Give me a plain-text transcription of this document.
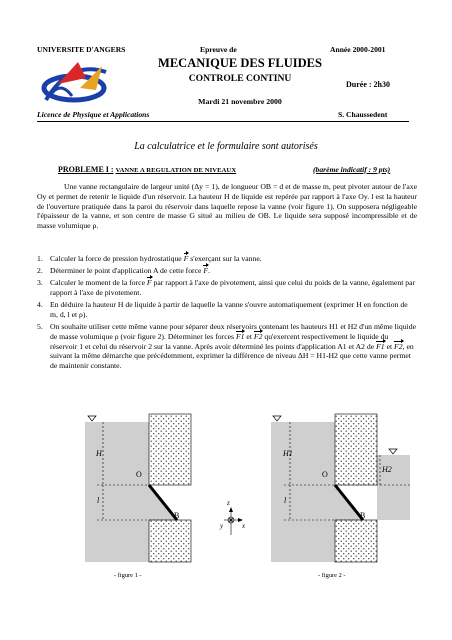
UNIVERSITE D'ANGERS	Epreuve de	Année 2000-2001
MECANIQUE DES FLUIDES
CONTROLE CONTINU
Durée : 2h30
Mardi 21 novembre 2000
Licence de Physique et Applications	S. Chaussedent
La calculatrice et le formulaire sont autorisés
PROBLEME I : VANNE A REGULATION DE NIVEAUX	(barème indicatif : 9 pts)

Une vanne rectangulaire de largeur unité (Δy = 1), de longueur OB = d et de masse m, peut pivoter autour de l'axe Oy et permet de retenir le liquide d'un réservoir. La hauteur H de liquide est repérée par rapport à l'axe Oy. l est la hauteur de l'ouverture pratiquée dans la paroi du réservoir dans laquelle repose la vanne (voir figure 1). On supposera négligeable l'épaisseur de la vanne, et son centre de masse G situé au milieu de OB. Le liquide sera supposé incompressible et de masse volumique ρ.

1. Calculer la force de pression hydrostatique F s'exerçant sur la vanne.
2. Déterminer le point d'application A de cette force F.
3. Calculer le moment de la force F par rapport à l'axe de pivotement, ainsi que celui du poids de la vanne, également par rapport à l'axe de pivotement.
4. En déduire la hauteur H de liquide à partir de laquelle la vanne s'ouvre automatiquement (exprimer H en fonction de m, d, l et ρ).
5. On souhaite utiliser cette même vanne pour séparer deux réservoirs contenant les hauteurs H1 et H2 d'un même liquide de masse volumique ρ (voir figure 2). Déterminer les forces F1 et F2 qu'exercent respectivement le liquide du réservoir 1 et celui du réservoir 2 sur la vanne. Après avoir déterminé les points d'application A1 et A2 de F1 et F2, en suivant la même démarche que précédemment, exprimer la différence de niveau ΔH = H1-H2 que cette vanne permet de maintenir constante.
H
O
l
B
z
y	x
H1
H2
O
l
B
- figure 1 -	- figure 2 -
